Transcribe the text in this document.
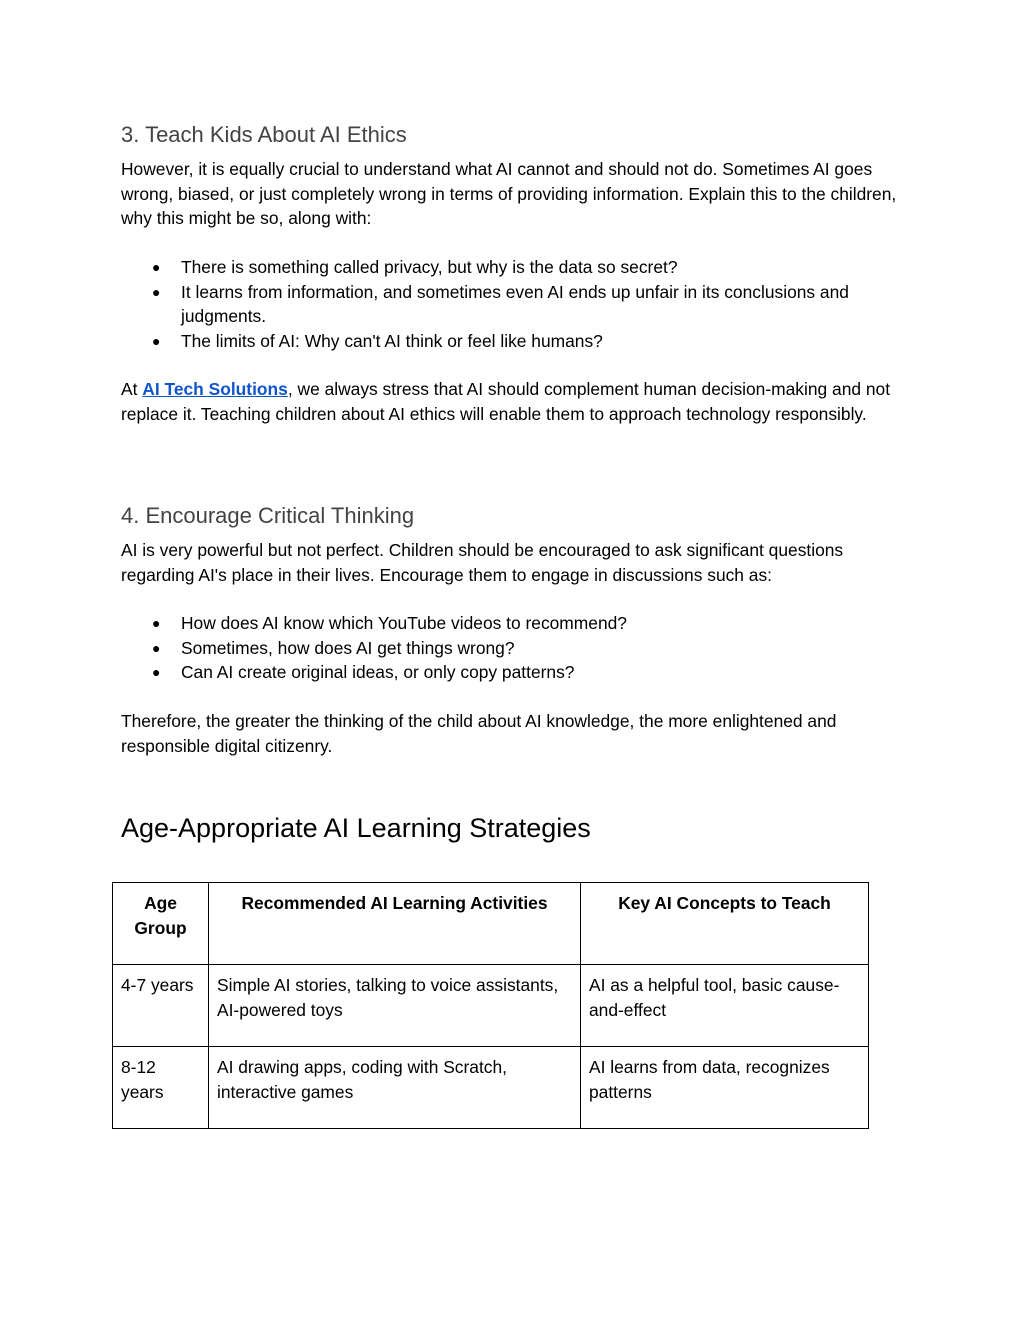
3. Teach Kids About AI Ethics

However, it is equally crucial to understand what AI cannot and should not do. Sometimes AI goes wrong, biased, or just completely wrong in terms of providing information. Explain this to the children, why this might be so, along with:

● There is something called privacy, but why is the data so secret?
● It learns from information, and sometimes even AI ends up unfair in its conclusions and judgments.
● The limits of AI: Why can't AI think or feel like humans?

At AI Tech Solutions, we always stress that AI should complement human decision-making and not replace it. Teaching children about AI ethics will enable them to approach technology responsibly.

4. Encourage Critical Thinking

AI is very powerful but not perfect. Children should be encouraged to ask significant questions regarding AI's place in their lives. Encourage them to engage in discussions such as:

● How does AI know which YouTube videos to recommend?
● Sometimes, how does AI get things wrong?
● Can AI create original ideas, or only copy patterns?

Therefore, the greater the thinking of the child about AI knowledge, the more enlightened and responsible digital citizenry.

Age-Appropriate AI Learning Strategies
Age Group	Recommended AI Learning Activities	Key AI Concepts to Teach
4-7 years	Simple AI stories, talking to voice assistants, AI-powered toys	AI as a helpful tool, basic cause-and-effect
8-12 years	AI drawing apps, coding with Scratch, interactive games	AI learns from data, recognizes patterns
